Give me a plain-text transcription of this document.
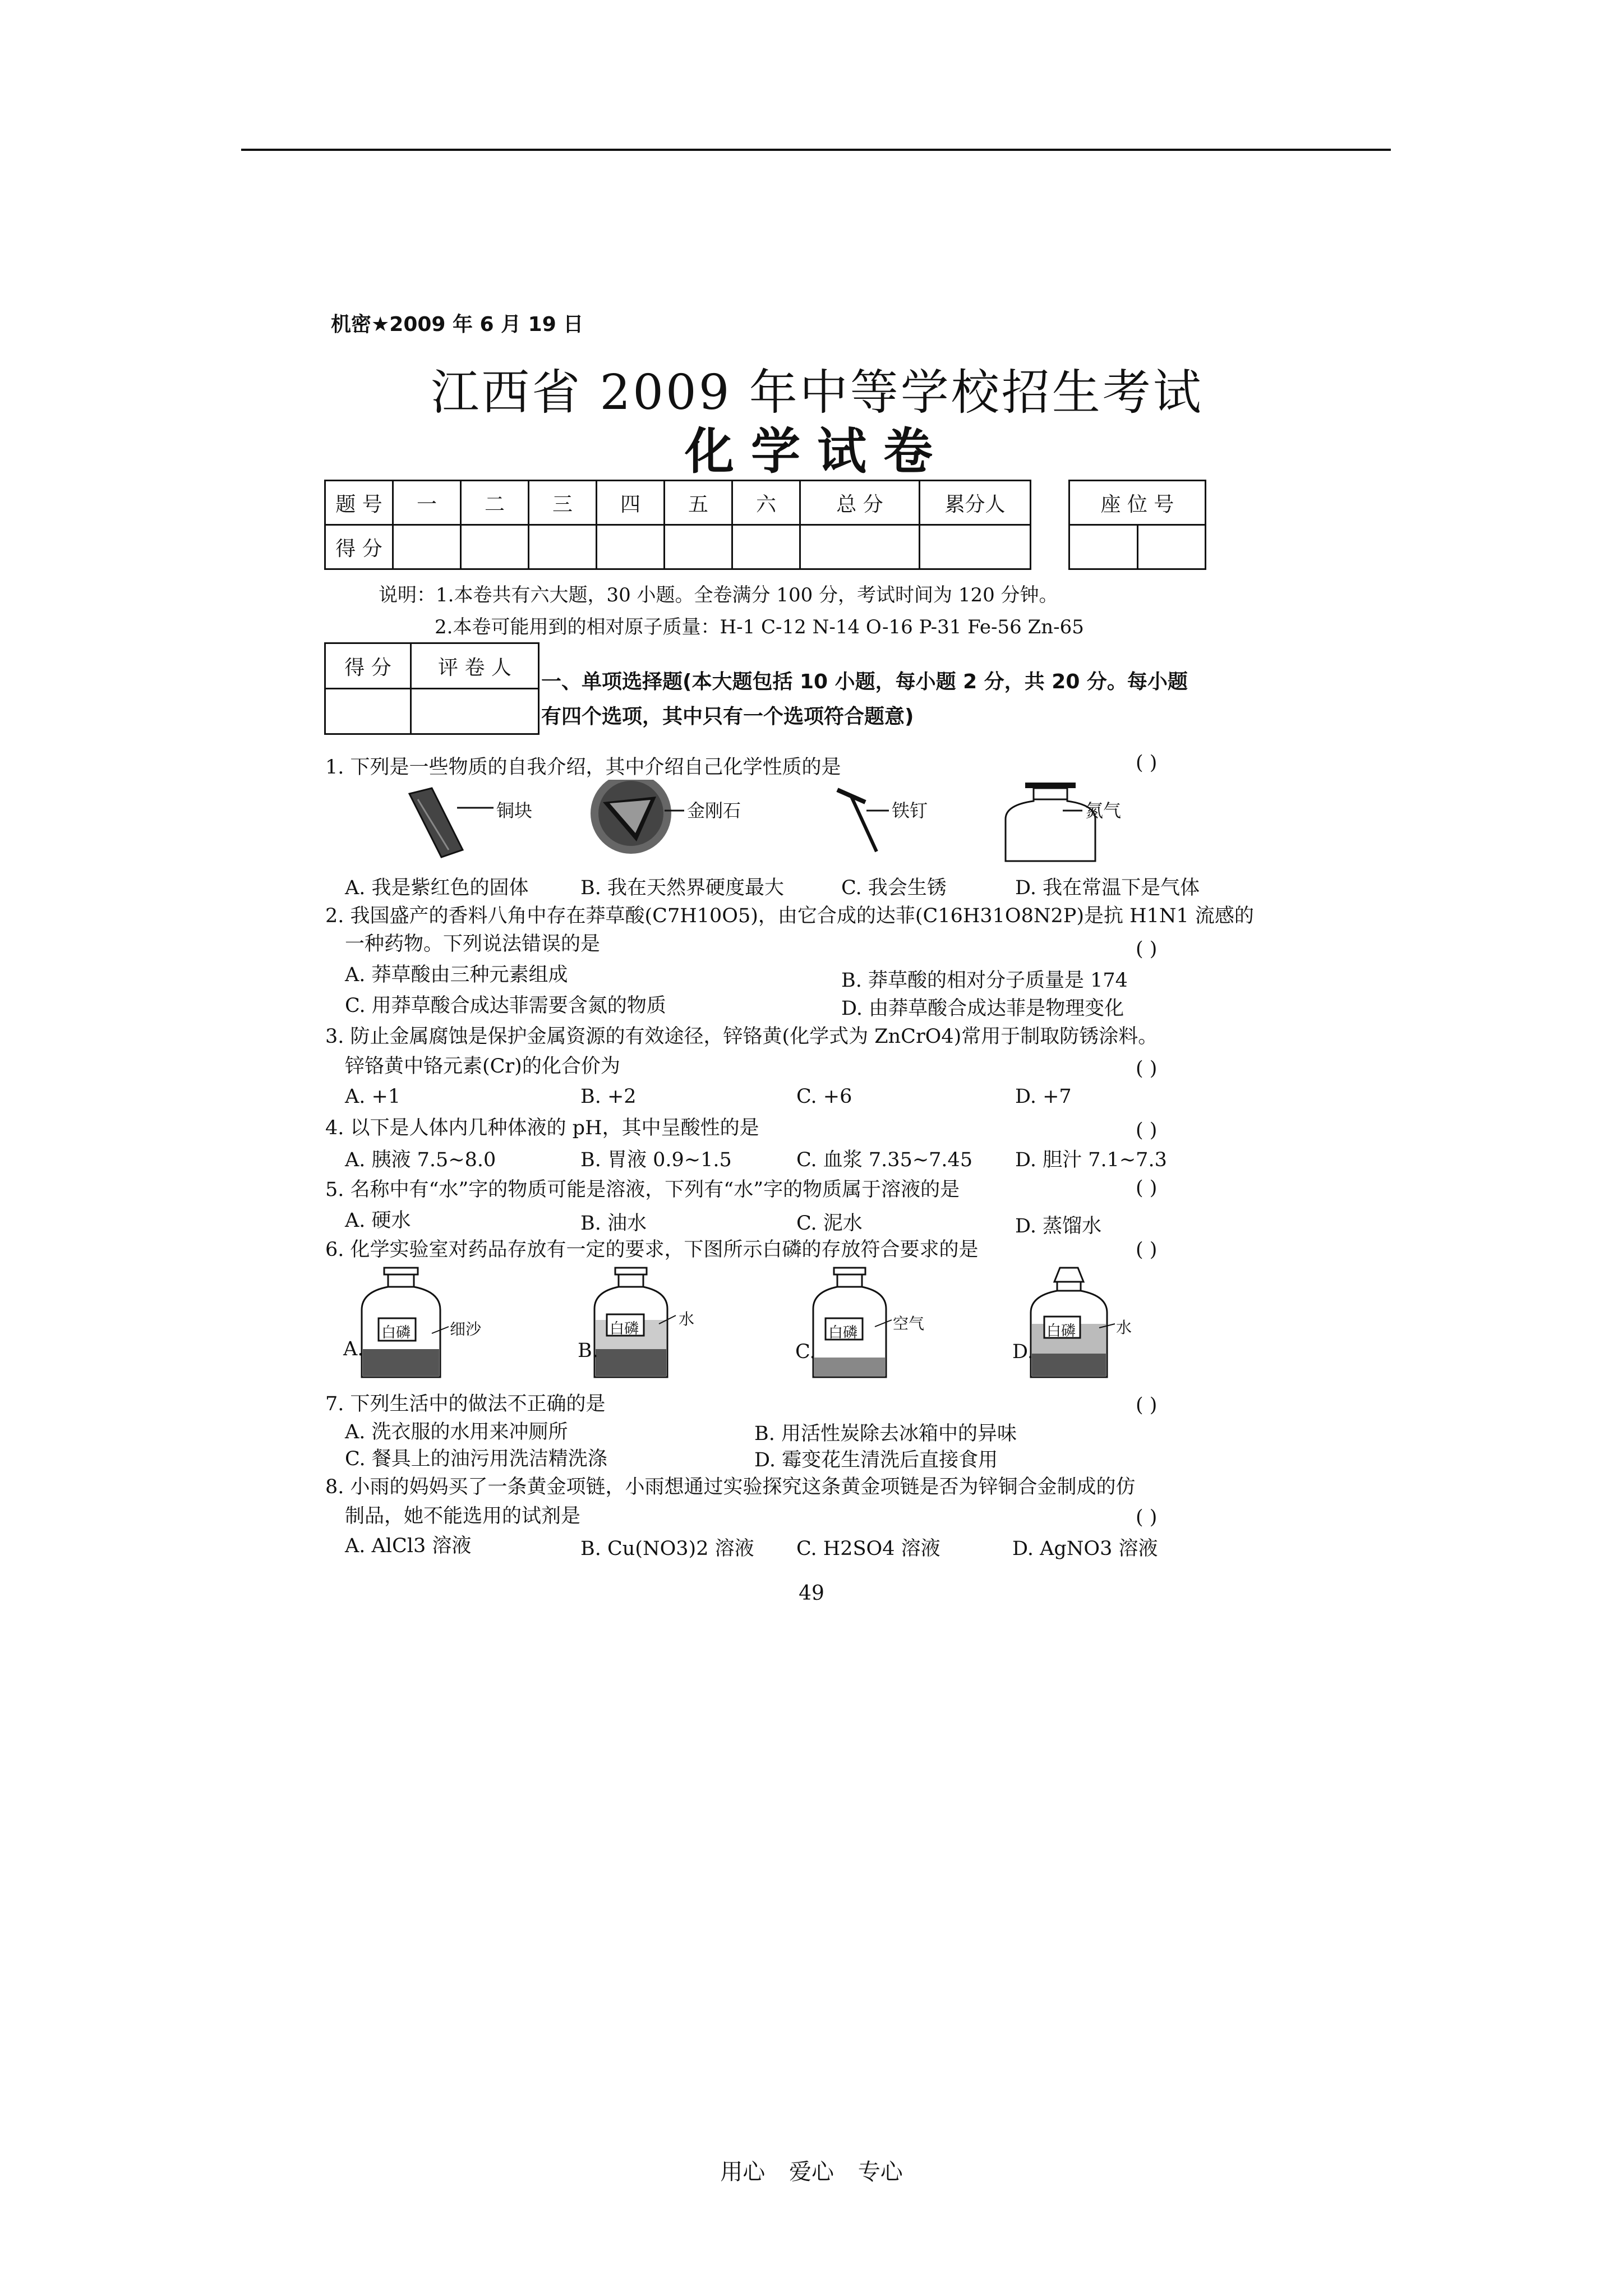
机密★2009 年 6 月 19 日
江西省 2009 年中等学校招生考试
化学试卷
题 号	一	二	三	四	五	六	总 分	累分人
得 分								
座 位 号

说明：1.本卷共有六大题，30 小题。全卷满分 100 分，考试时间为 120 分钟。
2.本卷可能用到的相对原子质量：H-1 C-12 N-14 O-16 P-31 Fe-56 Zn-65
得 分	评 卷 人

一、单项选择题(本大题包括 10 小题，每小题 2 分，共 20 分。每小题有四个选项，其中只有一个选项符合题意)
1. 下列是一些物质的自我介绍，其中介绍自己化学性质的是	( )
铜块	金刚石	铁钉	氮气
A. 我是紫红色的固体	B. 我在天然界硬度最大	C. 我会生锈	D. 我在常温下是气体
2. 我国盛产的香料八角中存在莽草酸(C7H10O5)，由它合成的达菲(C16H31O8N2P)是抗 H1N1 流感的
一种药物。下列说法错误的是	( )
A. 莽草酸由三种元素组成	B. 莽草酸的相对分子质量是 174
C. 用莽草酸合成达菲需要含氮的物质	D. 由莽草酸合成达菲是物理变化
3. 防止金属腐蚀是保护金属资源的有效途径，锌铬黄(化学式为 ZnCrO4)常用于制取防锈涂料。
锌铬黄中铬元素(Cr)的化合价为	( )
A. +1	B. +2	C. +6	D. +7
4. 以下是人体内几种体液的 pH，其中呈酸性的是	( )
A. 胰液 7.5~8.0	B. 胃液 0.9~1.5	C. 血浆 7.35~7.45 D. 胆汁 7.1~7.3
5. 名称中有“水”字的物质可能是溶液，下列有“水”字的物质属于溶液的是	( )
A. 硬水	B. 油水	C. 泥水	D. 蒸馏水
6. 化学实验室对药品存放有一定的要求，下图所示白磷的存放符合要求的是	( )
白磷	白磷	白磷	白磷
细沙
水	空气	水
A.	B.	C.	D.
7. 下列生活中的做法不正确的是	( )
A. 洗衣服的水用来冲厕所	B. 用活性炭除去冰箱中的异味
C. 餐具上的油污用洗洁精洗涤	D. 霉变花生清洗后直接食用
8. 小雨的妈妈买了一条黄金项链，小雨想通过实验探究这条黄金项链是否为锌铜合金制成的仿
制品，她不能选用的试剂是	( )
A. AlCl3 溶液	B. Cu(NO3)2 溶液 C. H2SO4 溶液	D. AgNO3 溶液
49
用心 爱心 专心
